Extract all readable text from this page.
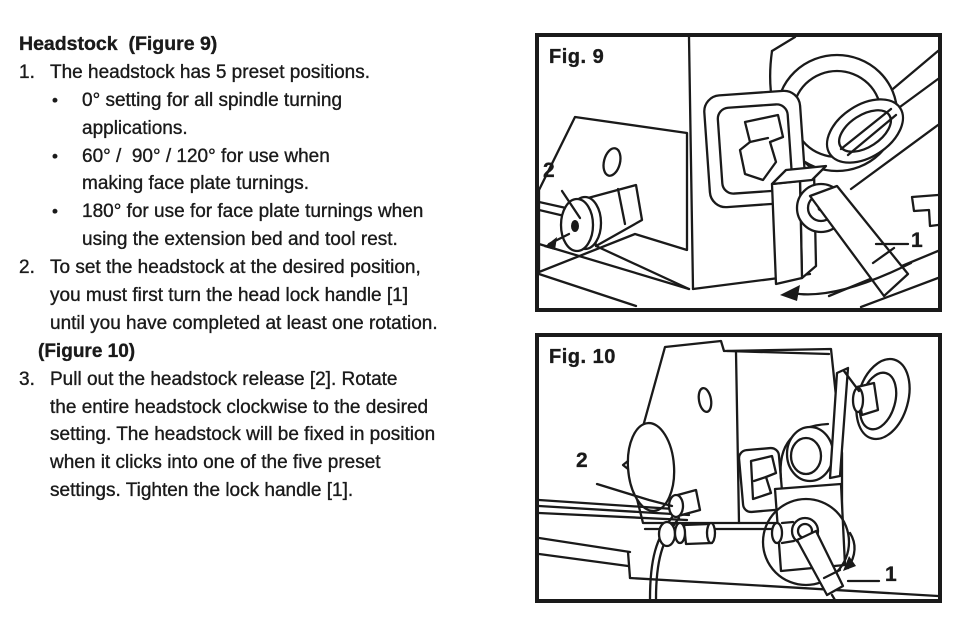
Headstock  (Figure 9)
1. The headstock has 5 preset positions.
• 0° setting for all spindle turning
applications.
• 60° /  90° / 120° for use when
making face plate turnings.
• 180° for use for face plate turnings when
using the extension bed and tool rest.
2. To set the headstock at the desired position,
you must first turn the head lock handle [1]
until you have completed at least one rotation.
(Figure 10)
3. Pull out the headstock release [2]. Rotate
the entire headstock clockwise to the desired
setting. The headstock will be fixed in position
when it clicks into one of the five preset
settings. Tighten the lock handle [1].
Fig. 9
2
1
Fig. 10
2
1
